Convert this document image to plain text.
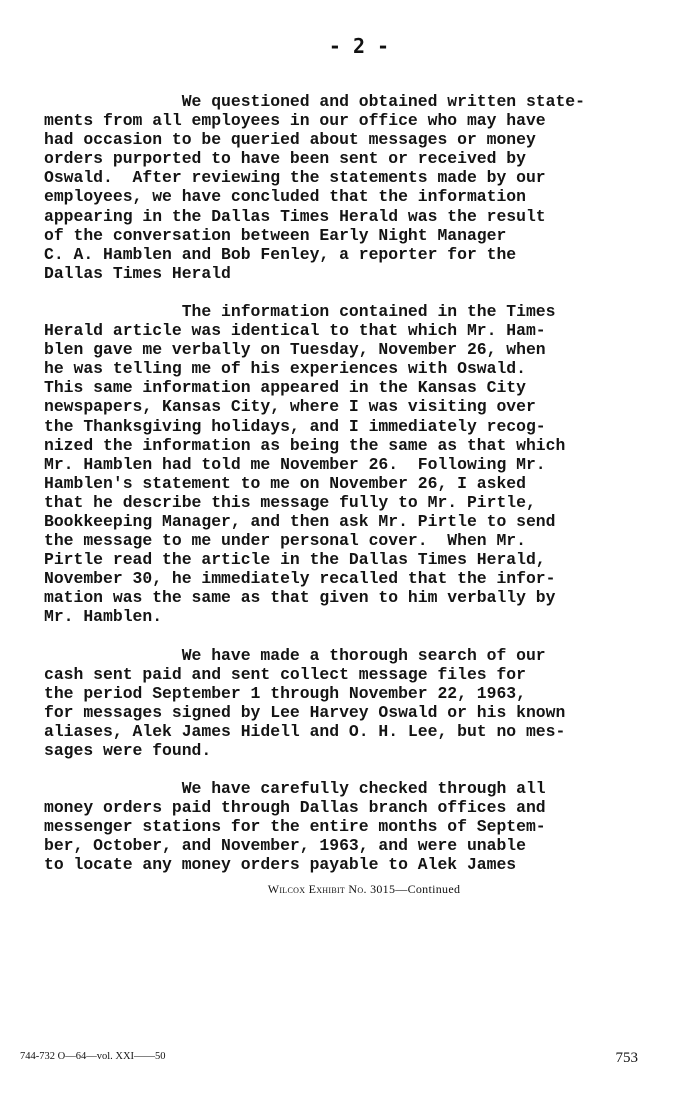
- 2 -

We questioned and obtained written state-
ments from all employees in our office who may have
had occasion to be queried about messages or money
orders purported to have been sent or received by
Oswald.  After reviewing the statements made by our
employees, we have concluded that the information
appearing in the Dallas Times Herald was the result
of the conversation between Early Night Manager
C. A. Hamblen and Bob Fenley, a reporter for the
Dallas Times Herald

The information contained in the Times
Herald article was identical to that which Mr. Ham-
blen gave me verbally on Tuesday, November 26, when
he was telling me of his experiences with Oswald.
This same information appeared in the Kansas City
newspapers, Kansas City, where I was visiting over
the Thanksgiving holidays, and I immediately recog-
nized the information as being the same as that which
Mr. Hamblen had told me November 26.  Following Mr.
Hamblen's statement to me on November 26, I asked
that he describe this message fully to Mr. Pirtle,
Bookkeeping Manager, and then ask Mr. Pirtle to send
the message to me under personal cover.  When Mr.
Pirtle read the article in the Dallas Times Herald,
November 30, he immediately recalled that the infor-
mation was the same as that given to him verbally by
Mr. Hamblen.

We have made a thorough search of our
cash sent paid and sent collect message files for
the period September 1 through November 22, 1963,
for messages signed by Lee Harvey Oswald or his known
aliases, Alek James Hidell and O. H. Lee, but no mes-
sages were found.

We have carefully checked through all
money orders paid through Dallas branch offices and
messenger stations for the entire months of Septem-
ber, October, and November, 1963, and were unable
to locate any money orders payable to Alek James

Wilcox Exhibit No. 3015—Continued
744-732 O—64—vol. XXI——50	753
